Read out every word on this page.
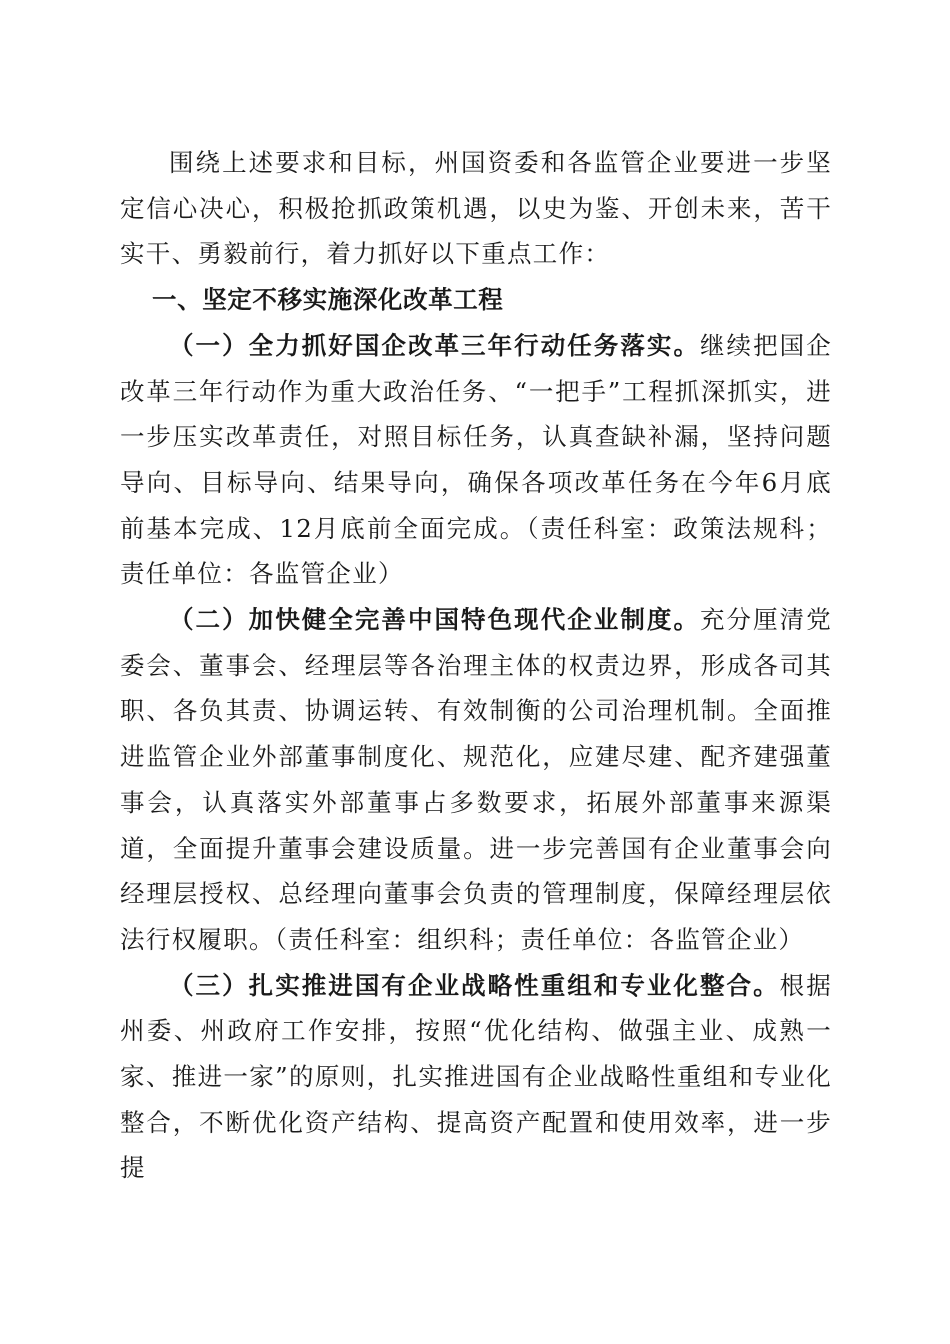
围绕上述要求和目标，州国资委和各监管企业要进一步坚定信心决心，积极抢抓政策机遇，以史为鉴、开创未来，苦干实干、勇毅前行，着力抓好以下重点工作：

一、坚定不移实施深化改革工程

（一）全力抓好国企改革三年行动任务落实。继续把国企改革三年行动作为重大政治任务、“一把手”工程抓深抓实，进一步压实改革责任，对照目标任务，认真查缺补漏，坚持问题导向、目标导向、结果导向，确保各项改革任务在今年6月底前基本完成、12月底前全面完成。（责任科室：政策法规科；责任单位：各监管企业）

（二）加快健全完善中国特色现代企业制度。充分厘清党委会、董事会、经理层等各治理主体的权责边界，形成各司其职、各负其责、协调运转、有效制衡的公司治理机制。全面推进监管企业外部董事制度化、规范化，应建尽建、配齐建强董事会，认真落实外部董事占多数要求，拓展外部董事来源渠道，全面提升董事会建设质量。进一步完善国有企业董事会向经理层授权、总经理向董事会负责的管理制度，保障经理层依法行权履职。（责任科室：组织科；责任单位：各监管企业）

（三）扎实推进国有企业战略性重组和专业化整合。根据州委、州政府工作安排，按照“优化结构、做强主业、成熟一家、推进一家”的原则，扎实推进国有企业战略性重组和专业化整合，不断优化资产结构、提高资产配置和使用效率，进一步提
